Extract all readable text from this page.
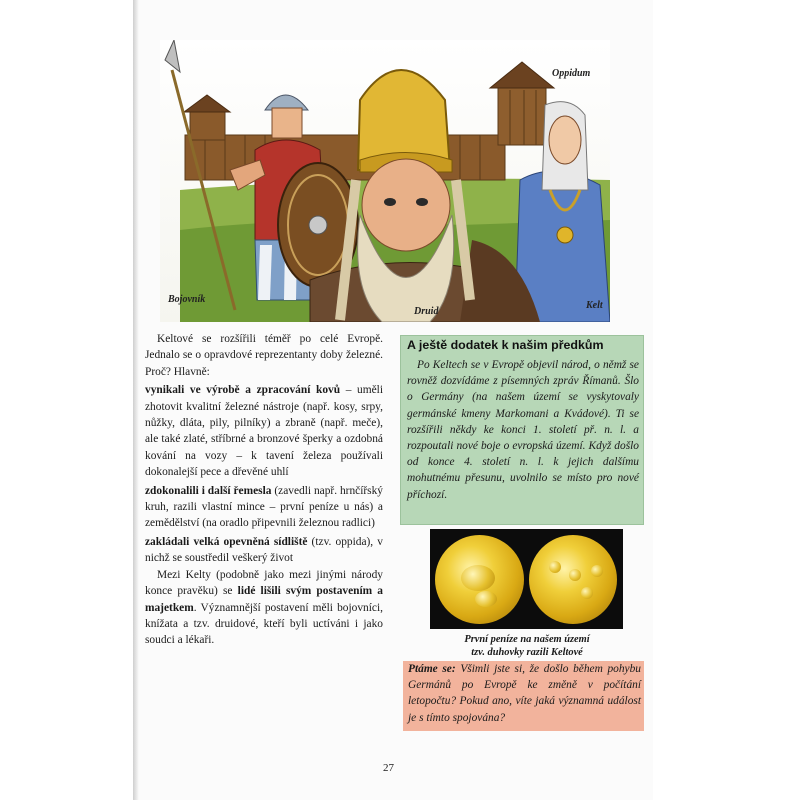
Oppidum
Bojovník
Druid
Kelt

Keltové se rozšířili téměř po celé Evropě. Jednalo se o opravdové reprezentanty doby železné. Proč? Hlavně:

vynikali ve výrobě a zpracování kovů – uměli zhotovit kvalitní železné nástroje (např. kosy, srpy, nůžky, dláta, pily, pilníky) a zbraně (např. meče), ale také zlaté, stříbrné a bronzové šperky a ozdobná kování na vozy – k tavení železa používali dokonalejší pece a dřevěné uhlí

zdokonalili i další řemesla (zavedli např. hrnčířský kruh, razili vlastní mince – první peníze u nás) a zemědělství (na oradlo připevnili železnou radlici)

zakládali velká opevněná sídliště (tzv. oppida), v nichž se soustředil veškerý život

Mezi Kelty (podobně jako mezi jinými národy konce pravěku) se lidé lišili svým postavením a majetkem. Významnější postavení měli bojovníci, knížata a tzv. druidové, kteří byli uctíváni i jako soudci a lékaři.

A ještě dodatek k našim předkům
Po Keltech se v Evropě objevil národ, o němž se rovněž dozvídáme z písemných zpráv Římanů. Šlo o Germány (na našem území se vyskytovaly germánské kmeny Markomani a Kvádové). Ti se rozšířili někdy ke konci 1. století př. n. l. a rozpoutali nové boje o evropská území. Když došlo od konce 4. století n. l. k jejich dalšímu mohutnému přesunu, uvolnilo se místo pro nové příchozí.
První peníze na našem území
tzv. duhovky razili Keltové
Ptáme se: Všimli jste si, že došlo během pohybu Germánů po Evropě ke změně v počítání letopočtu? Pokud ano, víte jaká významná událost je s tímto spojována?
27
